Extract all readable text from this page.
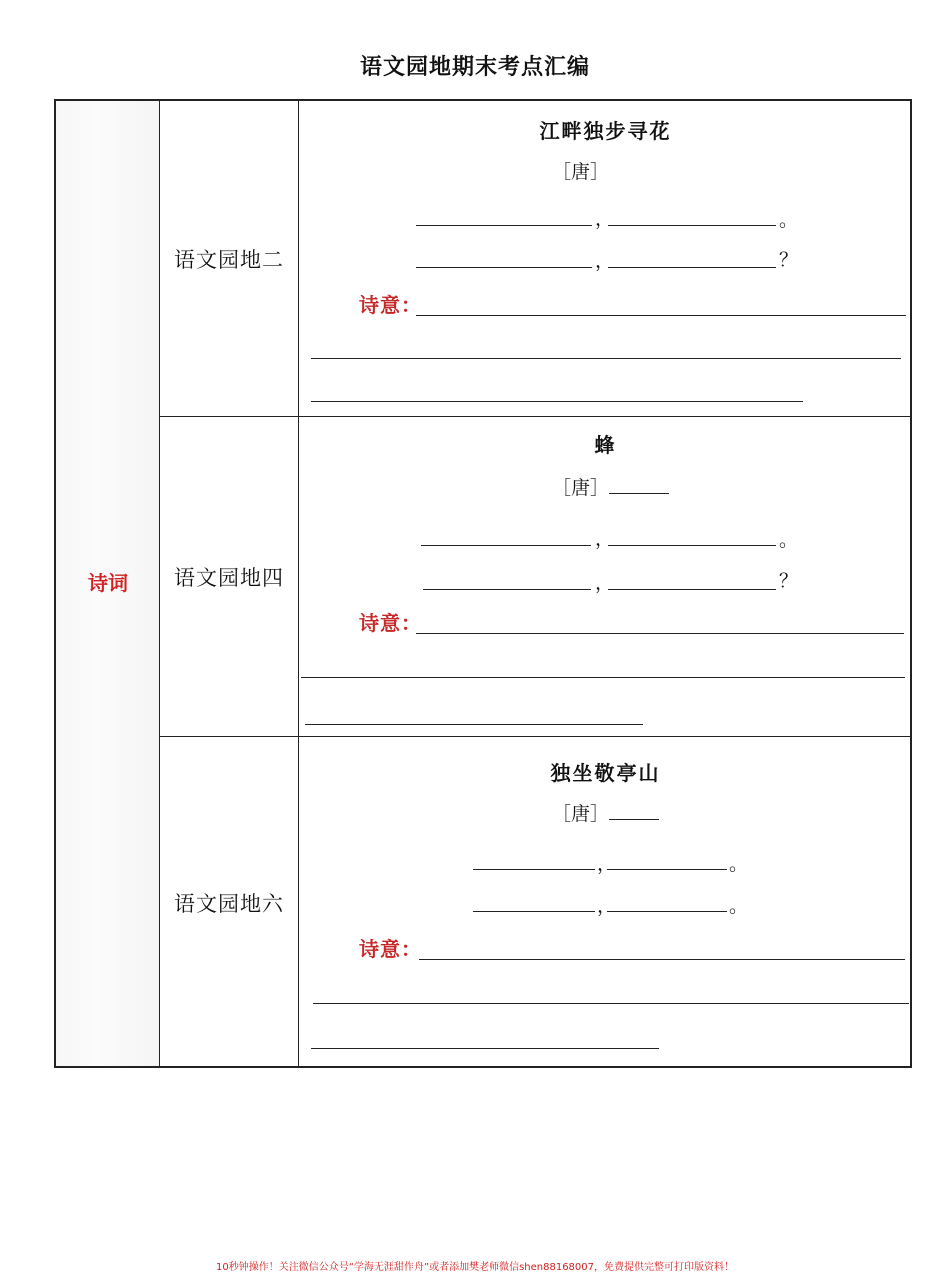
语文园地期末考点汇编
诗词
语文园地二
江畔独步寻花
［唐］
，	。
，	？
诗意：
语文园地四
蜂
［唐］
，	。
，	？
诗意：
语文园地六
独坐敬亭山
［唐］
，	。
，	。
诗意：
10秒钟操作！关注微信公众号“学海无涯甜作舟”或者添加樊老师微信shen88168007，免费提供完整可打印版资料！
